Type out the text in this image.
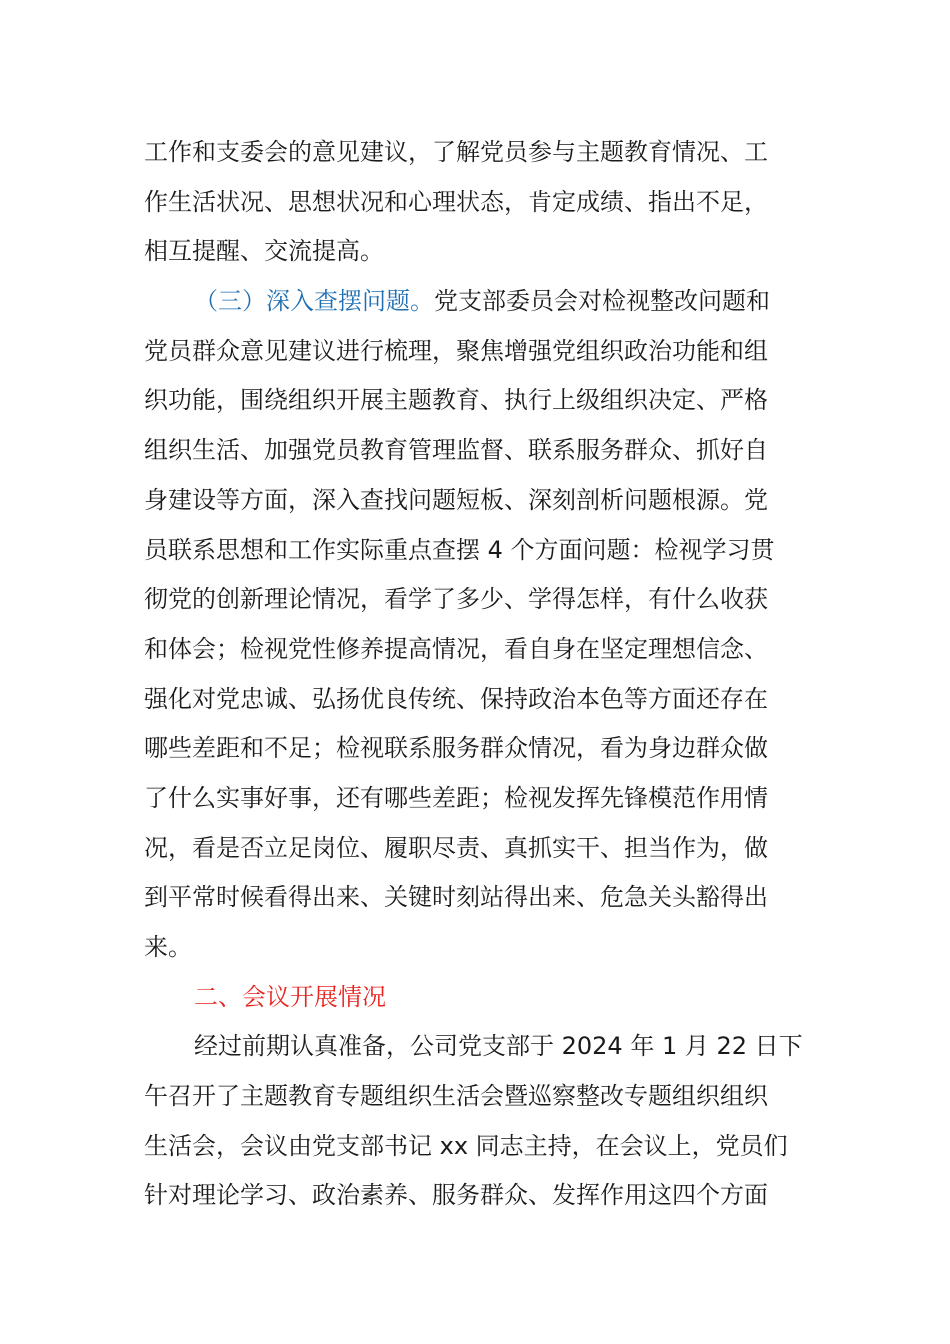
工作和支委会的意见建议，了解党员参与主题教育情况、工
作生活状况、思想状况和心理状态，肯定成绩、指出不足，
相互提醒、交流提高。
（三）深入查摆问题。党支部委员会对检视整改问题和
党员群众意见建议进行梳理，聚焦增强党组织政治功能和组
织功能，围绕组织开展主题教育、执行上级组织决定、严格
组织生活、加强党员教育管理监督、联系服务群众、抓好自
身建设等方面，深入查找问题短板、深刻剖析问题根源。党
员联系思想和工作实际重点查摆 4 个方面问题：检视学习贯
彻党的创新理论情况，看学了多少、学得怎样，有什么收获
和体会；检视党性修养提高情况，看自身在坚定理想信念、
强化对党忠诚、弘扬优良传统、保持政治本色等方面还存在
哪些差距和不足；检视联系服务群众情况，看为身边群众做
了什么实事好事，还有哪些差距；检视发挥先锋模范作用情
况，看是否立足岗位、履职尽责、真抓实干、担当作为，做
到平常时候看得出来、关键时刻站得出来、危急关头豁得出
来。
二、会议开展情况
经过前期认真准备，公司党支部于 2024 年 1 月 22 日下
午召开了主题教育专题组织生活会暨巡察整改专题组织组织
生活会，会议由党支部书记 xx 同志主持，在会议上，党员们
针对理论学习、政治素养、服务群众、发挥作用这四个方面
